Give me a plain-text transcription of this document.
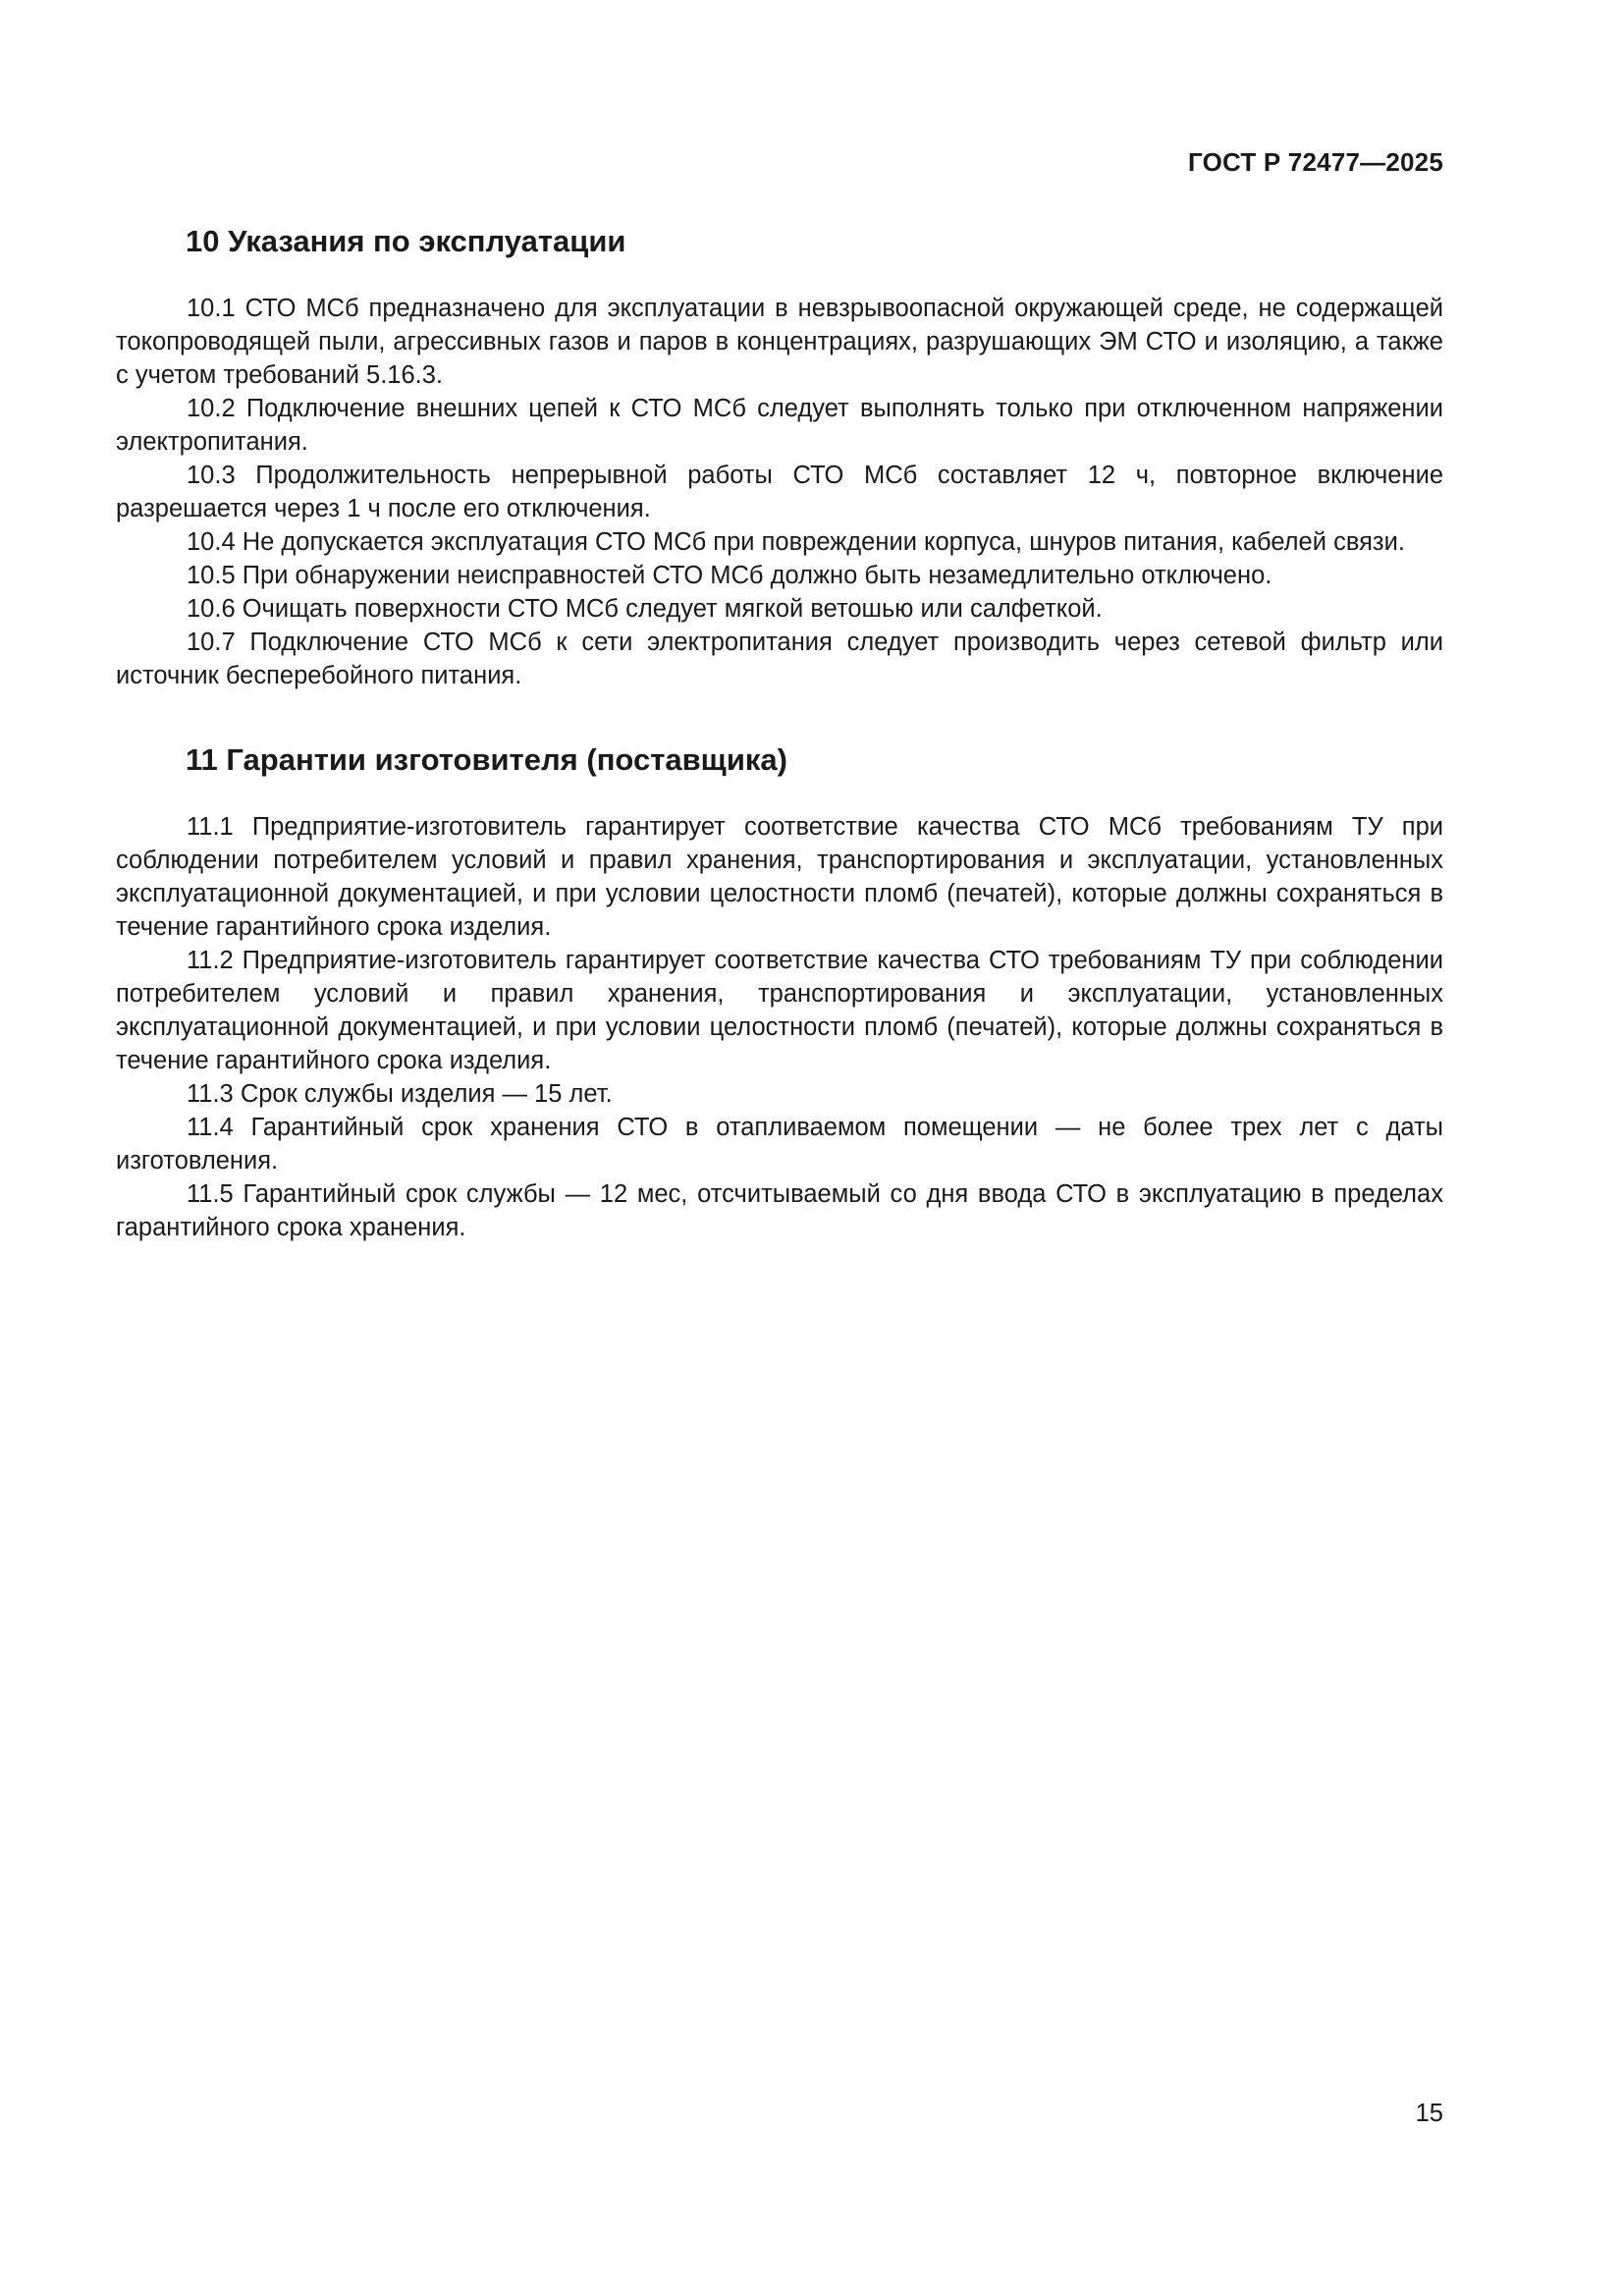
ГОСТ Р 72477—2025
10 Указания по эксплуатации

10.1 СТО МСб предназначено для эксплуатации в невзрывоопасной окружающей среде, не содержащей токопроводящей пыли, агрессивных газов и паров в концентрациях, разрушающих ЭМ СТО и изоляцию, а также с учетом требований 5.16.3.

10.2 Подключение внешних цепей к СТО МСб следует выполнять только при отключенном напряжении электропитания.

10.3 Продолжительность непрерывной работы СТО МСб составляет 12 ч, повторное включение разрешается через 1 ч после его отключения.

10.4 Не допускается эксплуатация СТО МСб при повреждении корпуса, шнуров питания, кабелей связи.

10.5 При обнаружении неисправностей СТО МСб должно быть незамедлительно отключено.

10.6 Очищать поверхности СТО МСб следует мягкой ветошью или салфеткой.

10.7 Подключение СТО МСб к сети электропитания следует производить через сетевой фильтр или источник бесперебойного питания.

11 Гарантии изготовителя (поставщика)

11.1 Предприятие-изготовитель гарантирует соответствие качества СТО МСб требованиям ТУ при соблюдении потребителем условий и правил хранения, транспортирования и эксплуатации, установленных эксплуатационной документацией, и при условии целостности пломб (печатей), которые должны сохраняться в течение гарантийного срока изделия.

11.2 Предприятие-изготовитель гарантирует соответствие качества СТО требованиям ТУ при соблюдении потребителем условий и правил хранения, транспортирования и эксплуатации, установленных эксплуатационной документацией, и при условии целостности пломб (печатей), которые должны сохраняться в течение гарантийного срока изделия.

11.3 Срок службы изделия — 15 лет.

11.4 Гарантийный срок хранения СТО в отапливаемом помещении — не более трех лет с даты изготовления.

11.5 Гарантийный срок службы — 12 мес, отсчитываемый со дня ввода СТО в эксплуатацию в пределах гарантийного срока хранения.

15
